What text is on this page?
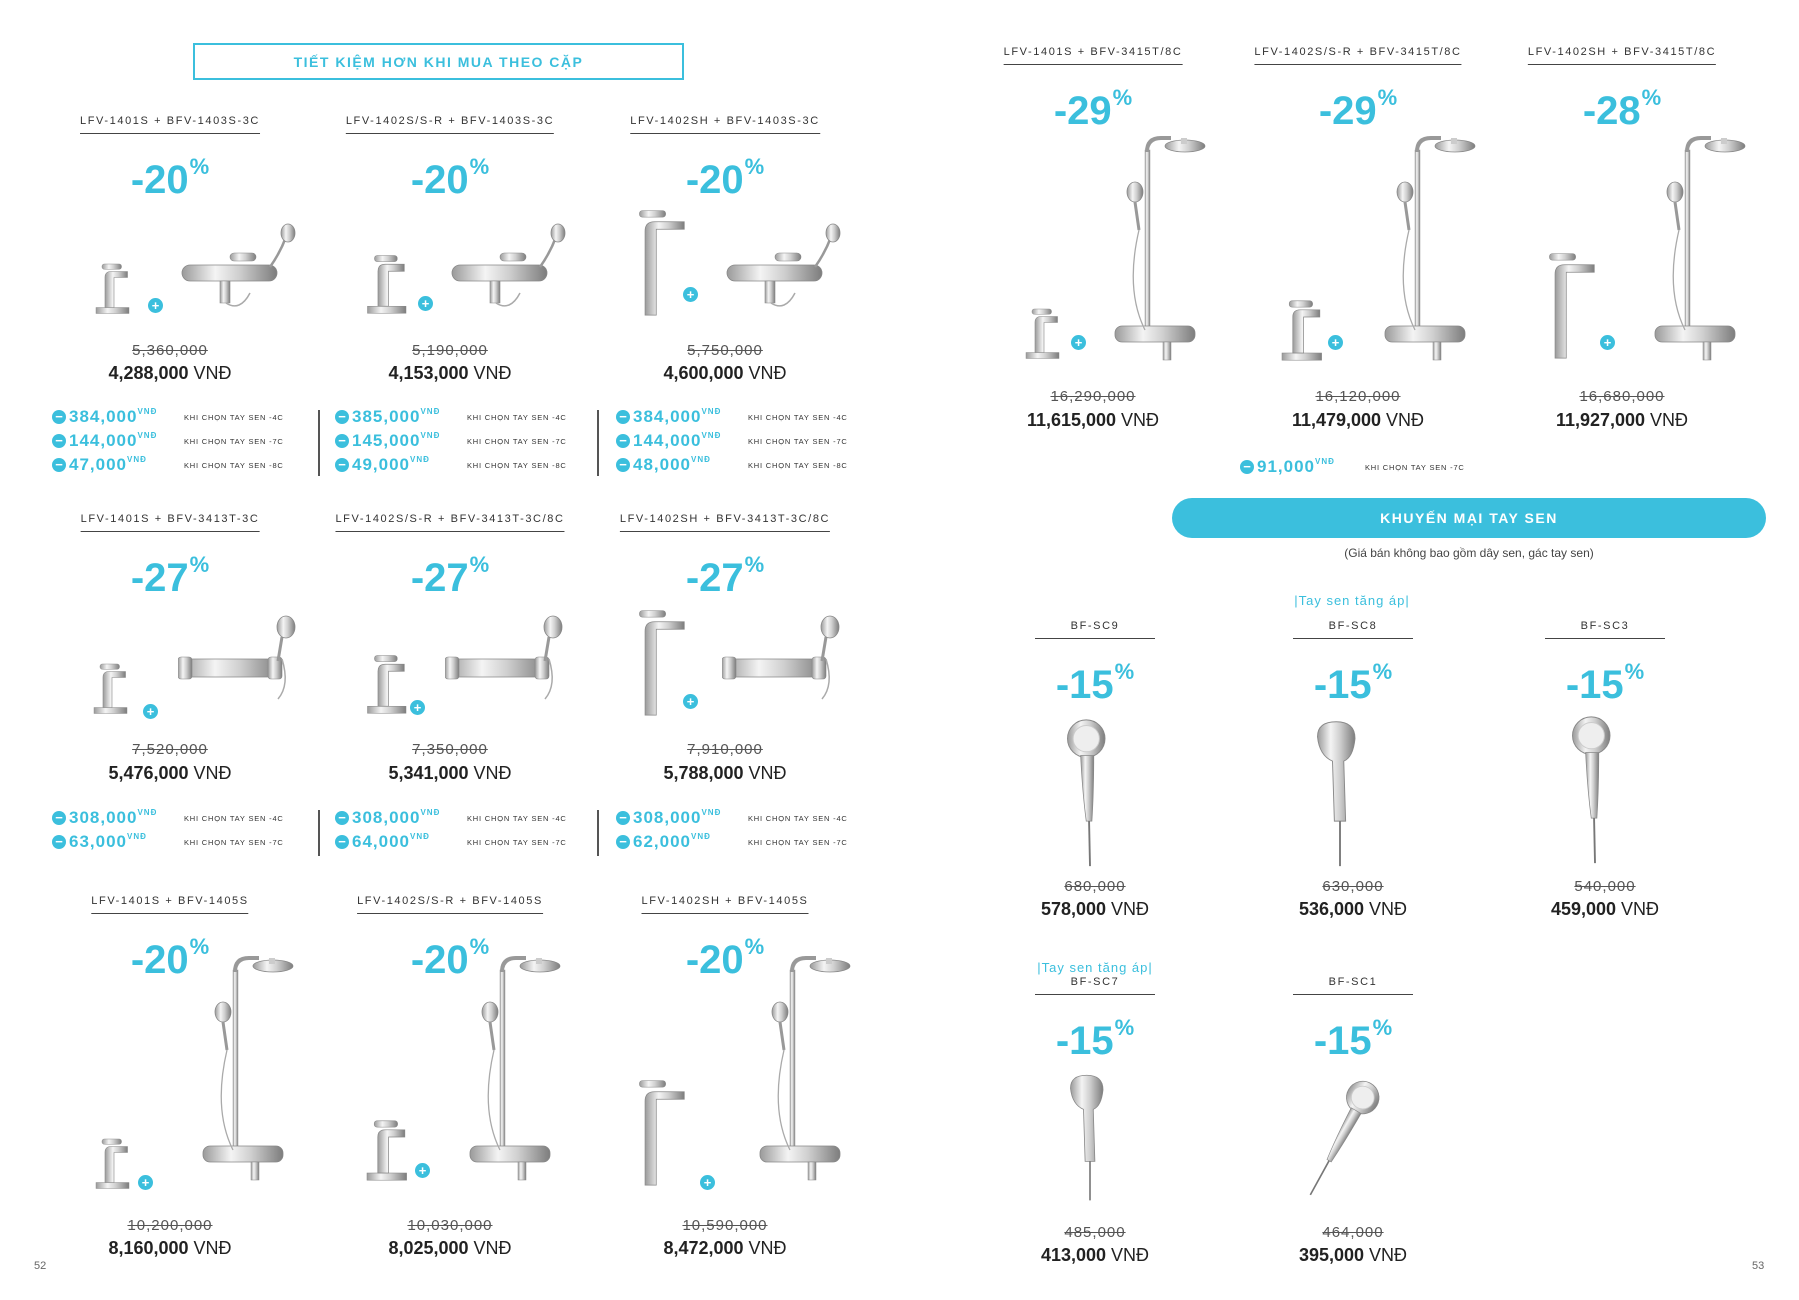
TIẾT KIỆM HƠN KHI MUA THEO CẶP
KHUYẾN MẠI TAY SEN
(Giá bán không bao gồm dây sen, gác tay sen)
LFV-1401S + BFV-1403S-3C
-20%
5,360,000
4,288,000 VNĐ
LFV-1402S/S-R + BFV-1403S-3C
-20%
5,190,000
4,153,000 VNĐ
LFV-1402SH + BFV-1403S-3C
-20%
5,750,000
4,600,000 VNĐ
+	+
+
− $384,000^{VNĐ}$
KHI CHỌN TAY SEN -4C
− $144,000^{VNĐ}$
KHI CHỌN TAY SEN -7C
− $47,000^{VNĐ}$
KHI CHỌN TAY SEN -8C
− $385,000^{VNĐ}$
KHI CHỌN TAY SEN -4C
− $145,000^{VNĐ}$
KHI CHỌN TAY SEN -7C
− $49,000^{VNĐ}$
KHI CHỌN TAY SEN -8C
− $384,000^{VNĐ}$
KHI CHỌN TAY SEN -4C
− $144,000^{VNĐ}$
KHI CHỌN TAY SEN -7C
− $48,000^{VNĐ}$
KHI CHỌN TAY SEN -8C
LFV-1401S + BFV-3413T-3C
-27%
7,520,000
5,476,000 VNĐ
LFV-1402S/S-R + BFV-3413T-3C/8C
-27%
7,350,000
5,341,000 VNĐ
LFV-1402SH + BFV-3413T-3C/8C
-27%
7,910,000
5,788,000 VNĐ
+	+	+
− $308,000^{VNĐ}$
KHI CHỌN TAY SEN -4C
− $63,000^{VNĐ}$
KHI CHỌN TAY SEN -7C
− $308,000^{VNĐ}$
KHI CHỌN TAY SEN -4C
− $64,000^{VNĐ}$
KHI CHỌN TAY SEN -7C
− $308,000^{VNĐ}$
KHI CHỌN TAY SEN -4C
− $62,000^{VNĐ}$
KHI CHỌN TAY SEN -7C
LFV-1401S + BFV-1405S
-20%
10,200,000
8,160,000 VNĐ
LFV-1402S/S-R + BFV-1405S
-20%
10,030,000
8,025,000 VNĐ
LFV-1402SH + BFV-1405S
-20%
10,590,000
8,472,000 VNĐ
+
+
+
LFV-1401S + BFV-3415T/8C
-29%
16,290,000
11,615,000 VNĐ
LFV-1402S/S-R + BFV-3415T/8C
-29%
16,120,000
11,479,000 VNĐ
LFV-1402SH + BFV-3415T/8C
-28%
16,680,000
11,927,000 VNĐ
+	+	+
− $91,000^{VNĐ}$
KHI CHỌN TAY SEN -7C
|Tay sen tăng áp|
|Tay sen tăng áp|
BF-SC9
-15%
680,000
578,000 VNĐ
BF-SC8
-15%
630,000
536,000 VNĐ
BF-SC3
-15%
540,000
459,000 VNĐ
BF-SC7
-15%
485,000
413,000 VNĐ
BF-SC1
-15%
464,000
395,000 VNĐ
52	53
